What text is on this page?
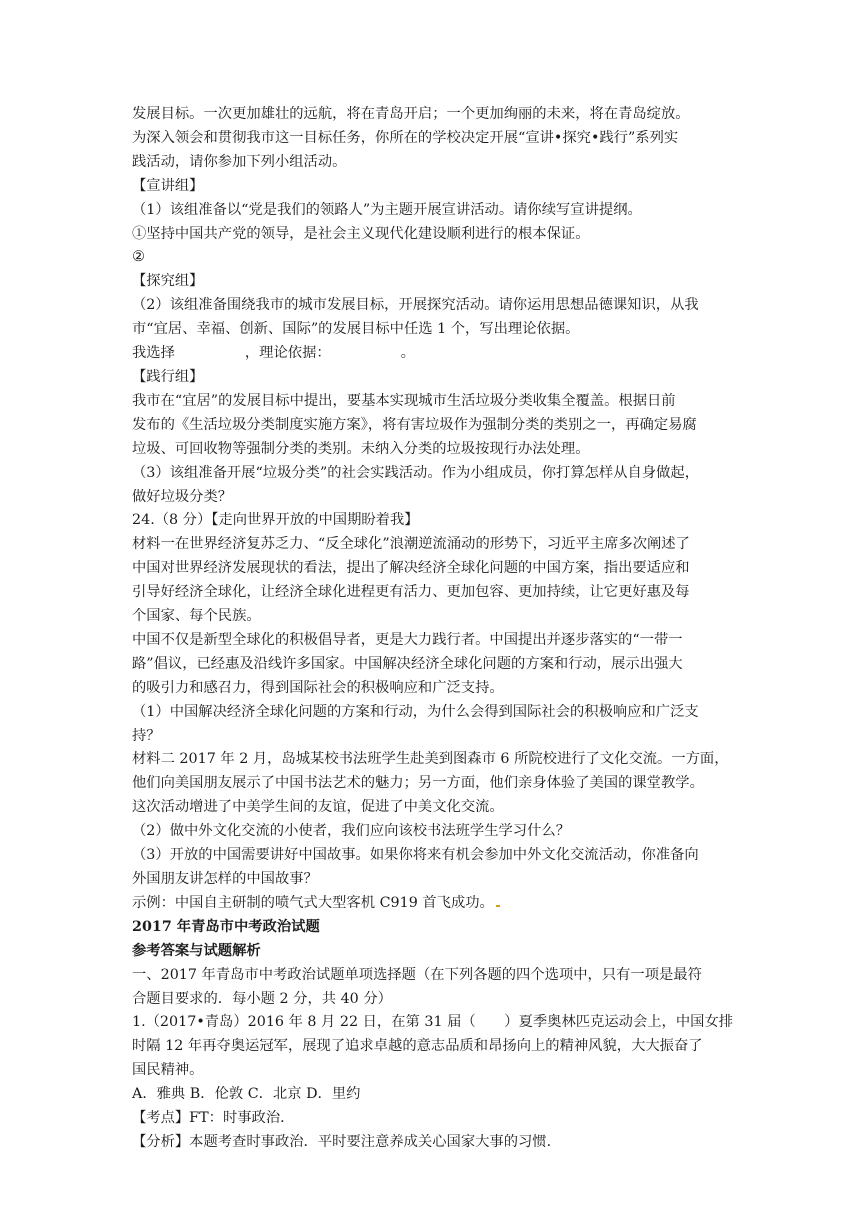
发展目标。一次更加雄壮的远航，将在青岛开启；一个更加绚丽的未来，将在青岛绽放。

为深入领会和贯彻我市这一目标任务，你所在的学校决定开展“宣讲•探究•践行”系列实

践活动，请你参加下列小组活动。

【宣讲组】

（1）该组准备以“党是我们的领路人”为主题开展宣讲活动。请你续写宣讲提纲。

①坚持中国共产党的领导，是社会主义现代化建设顺利进行的根本保证。

②

【探究组】

（2）该组准备围绕我市的城市发展目标，开展探究活动。请你运用思想品德课知识，从我

市“宜居、幸福、创新、国际”的发展目标中任选 1 个，写出理论依据。

我选择	，理论依据：	。

【践行组】

我市在“宜居”的发展目标中提出，要基本实现城市生活垃圾分类收集全覆盖。根据日前

发布的《生活垃圾分类制度实施方案》，将有害垃圾作为强制分类的类别之一，再确定易腐

垃圾、可回收物等强制分类的类别。未纳入分类的垃圾按现行办法处理。

（3）该组准备开展“垃圾分类”的社会实践活动。作为小组成员，你打算怎样从自身做起，

做好垃圾分类？

24.（8 分）【走向世界开放的中国期盼着我】

材料一在世界经济复苏乏力、“反全球化”浪潮逆流涌动的形势下，习近平主席多次阐述了

中国对世界经济发展现状的看法，提出了解决经济全球化问题的中国方案，指出要适应和

引导好经济全球化，让经济全球化进程更有活力、更加包容、更加持续，让它更好惠及每

个国家、每个民族。

中国不仅是新型全球化的积极倡导者，更是大力践行者。中国提出并逐步落实的“一带一

路”倡议，已经惠及沿线许多国家。中国解决经济全球化问题的方案和行动，展示出强大

的吸引力和感召力，得到国际社会的积极响应和广泛支持。

（1）中国解决经济全球化问题的方案和行动，为什么会得到国际社会的积极响应和广泛支

持？

材料二 2017 年 2 月，岛城某校书法班学生赴美到图森市 6 所院校进行了文化交流。一方面，

他们向美国朋友展示了中国书法艺术的魅力；另一方面，他们亲身体验了美国的课堂教学。

这次活动增进了中美学生间的友谊，促进了中美文化交流。

（2）做中外文化交流的小使者，我们应向该校书法班学生学习什么？

（3）开放的中国需要讲好中国故事。如果你将来有机会参加中外文化交流活动，你准备向

外国朋友讲怎样的中国故事？

示例：中国自主研制的喷气式大型客机 C919 首飞成功。

2017 年青岛市中考政治试题

参考答案与试题解析

一、2017 年青岛市中考政治试题单项选择题（在下列各题的四个选项中，只有一项是最符

合题目要求的．每小题 2 分，共 40 分）

1.（2017•青岛）2016 年 8 月 22 日，在第 31 届（　　）夏季奥林匹克运动会上，中国女排

时隔 12 年再夺奥运冠军，展现了追求卓越的意志品质和昂扬向上的精神风貌，大大振奋了

国民精神。

A．雅典 B．伦敦 C．北京 D．里约

【考点】FT：时事政治．

【分析】本题考查时事政治．平时要注意养成关心国家大事的习惯．
